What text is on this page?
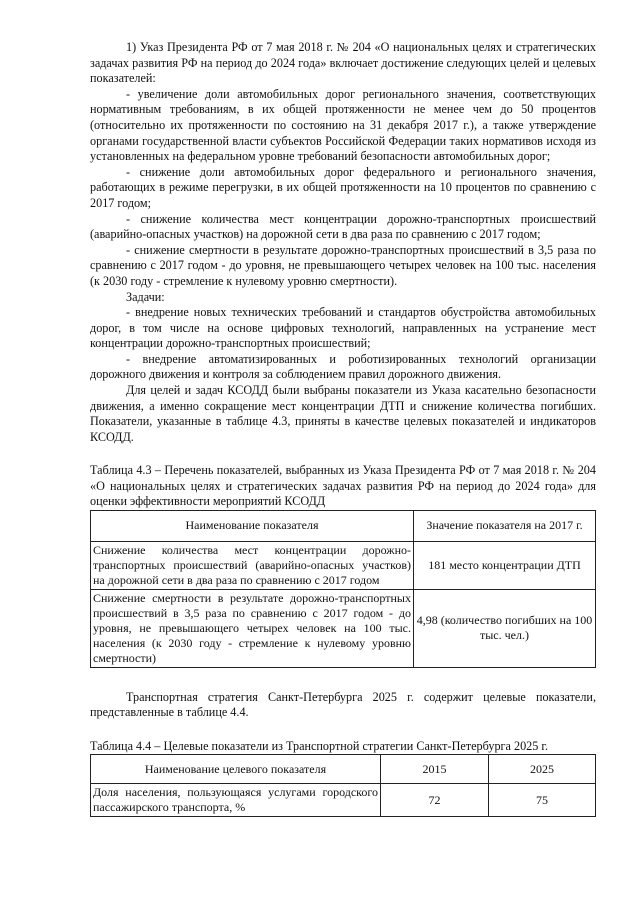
1) Указ Президента РФ от 7 мая 2018 г. № 204 «О национальных целях и стратегических задачах развития РФ на период до 2024 года» включает достижение следующих целей и целевых показателей:

- увеличение доли автомобильных дорог регионального значения, соответствующих нормативным требованиям, в их общей протяженности не менее чем до 50 процентов (относительно их протяженности по состоянию на 31 декабря 2017 г.), а также утверждение органами государственной власти субъектов Российской Федерации таких нормативов исходя из установленных на федеральном уровне требований безопасности автомобильных дорог;

- снижение доли автомобильных дорог федерального и регионального значения, работающих в режиме перегрузки, в их общей протяженности на 10 процентов по сравнению с 2017 годом;

- снижение количества мест концентрации дорожно-транспортных происшествий (аварийно-опасных участков) на дорожной сети в два раза по сравнению с 2017 годом;

- снижение смертности в результате дорожно-транспортных происшествий в 3,5 раза по сравнению с 2017 годом - до уровня, не превышающего четырех человек на 100 тыс. населения (к 2030 году - стремление к нулевому уровню смертности).

Задачи:

- внедрение новых технических требований и стандартов обустройства автомобильных дорог, в том числе на основе цифровых технологий, направленных на устранение мест концентрации дорожно-транспортных происшествий;

- внедрение автоматизированных и роботизированных технологий организации дорожного движения и контроля за соблюдением правил дорожного движения.

Для целей и задач КСОДД были выбраны показатели из Указа касательно безопасности движения, а именно сокращение мест концентрации ДТП и снижение количества погибших. Показатели, указанные в таблице 4.3, приняты в качестве целевых показателей и индикаторов КСОДД.

Таблица 4.3 – Перечень показателей, выбранных из Указа Президента РФ от 7 мая 2018 г. № 204 «О национальных целях и стратегических задачах развития РФ на период до 2024 года» для оценки эффективности мероприятий КСОДД
Наименование показателя	Значение показателя на 2017 г.
Снижение количества мест концентрации дорожно-транспортных происшествий (аварийно-опасных участков) на дорожной сети в два раза по сравнению с 2017 годом	181 место концентрации ДТП
Снижение смертности в результате дорожно-транспортных происшествий в 3,5 раза по сравнению с 2017 годом - до уровня, не превышающего четырех человек на 100 тыс. населения (к 2030 году - стремление к нулевому уровню смертности)	4,98 (количество погибших на 100 тыс. чел.)

Транспортная стратегия Санкт-Петербурга 2025 г. содержит целевые показатели, представленные в таблице 4.4.

Таблица 4.4 – Целевые показатели из Транспортной стратегии Санкт-Петербурга 2025 г.
Наименование целевого показателя	2015	2025
Доля населения, пользующаяся услугами городского пассажирского транспорта, %	72	75
